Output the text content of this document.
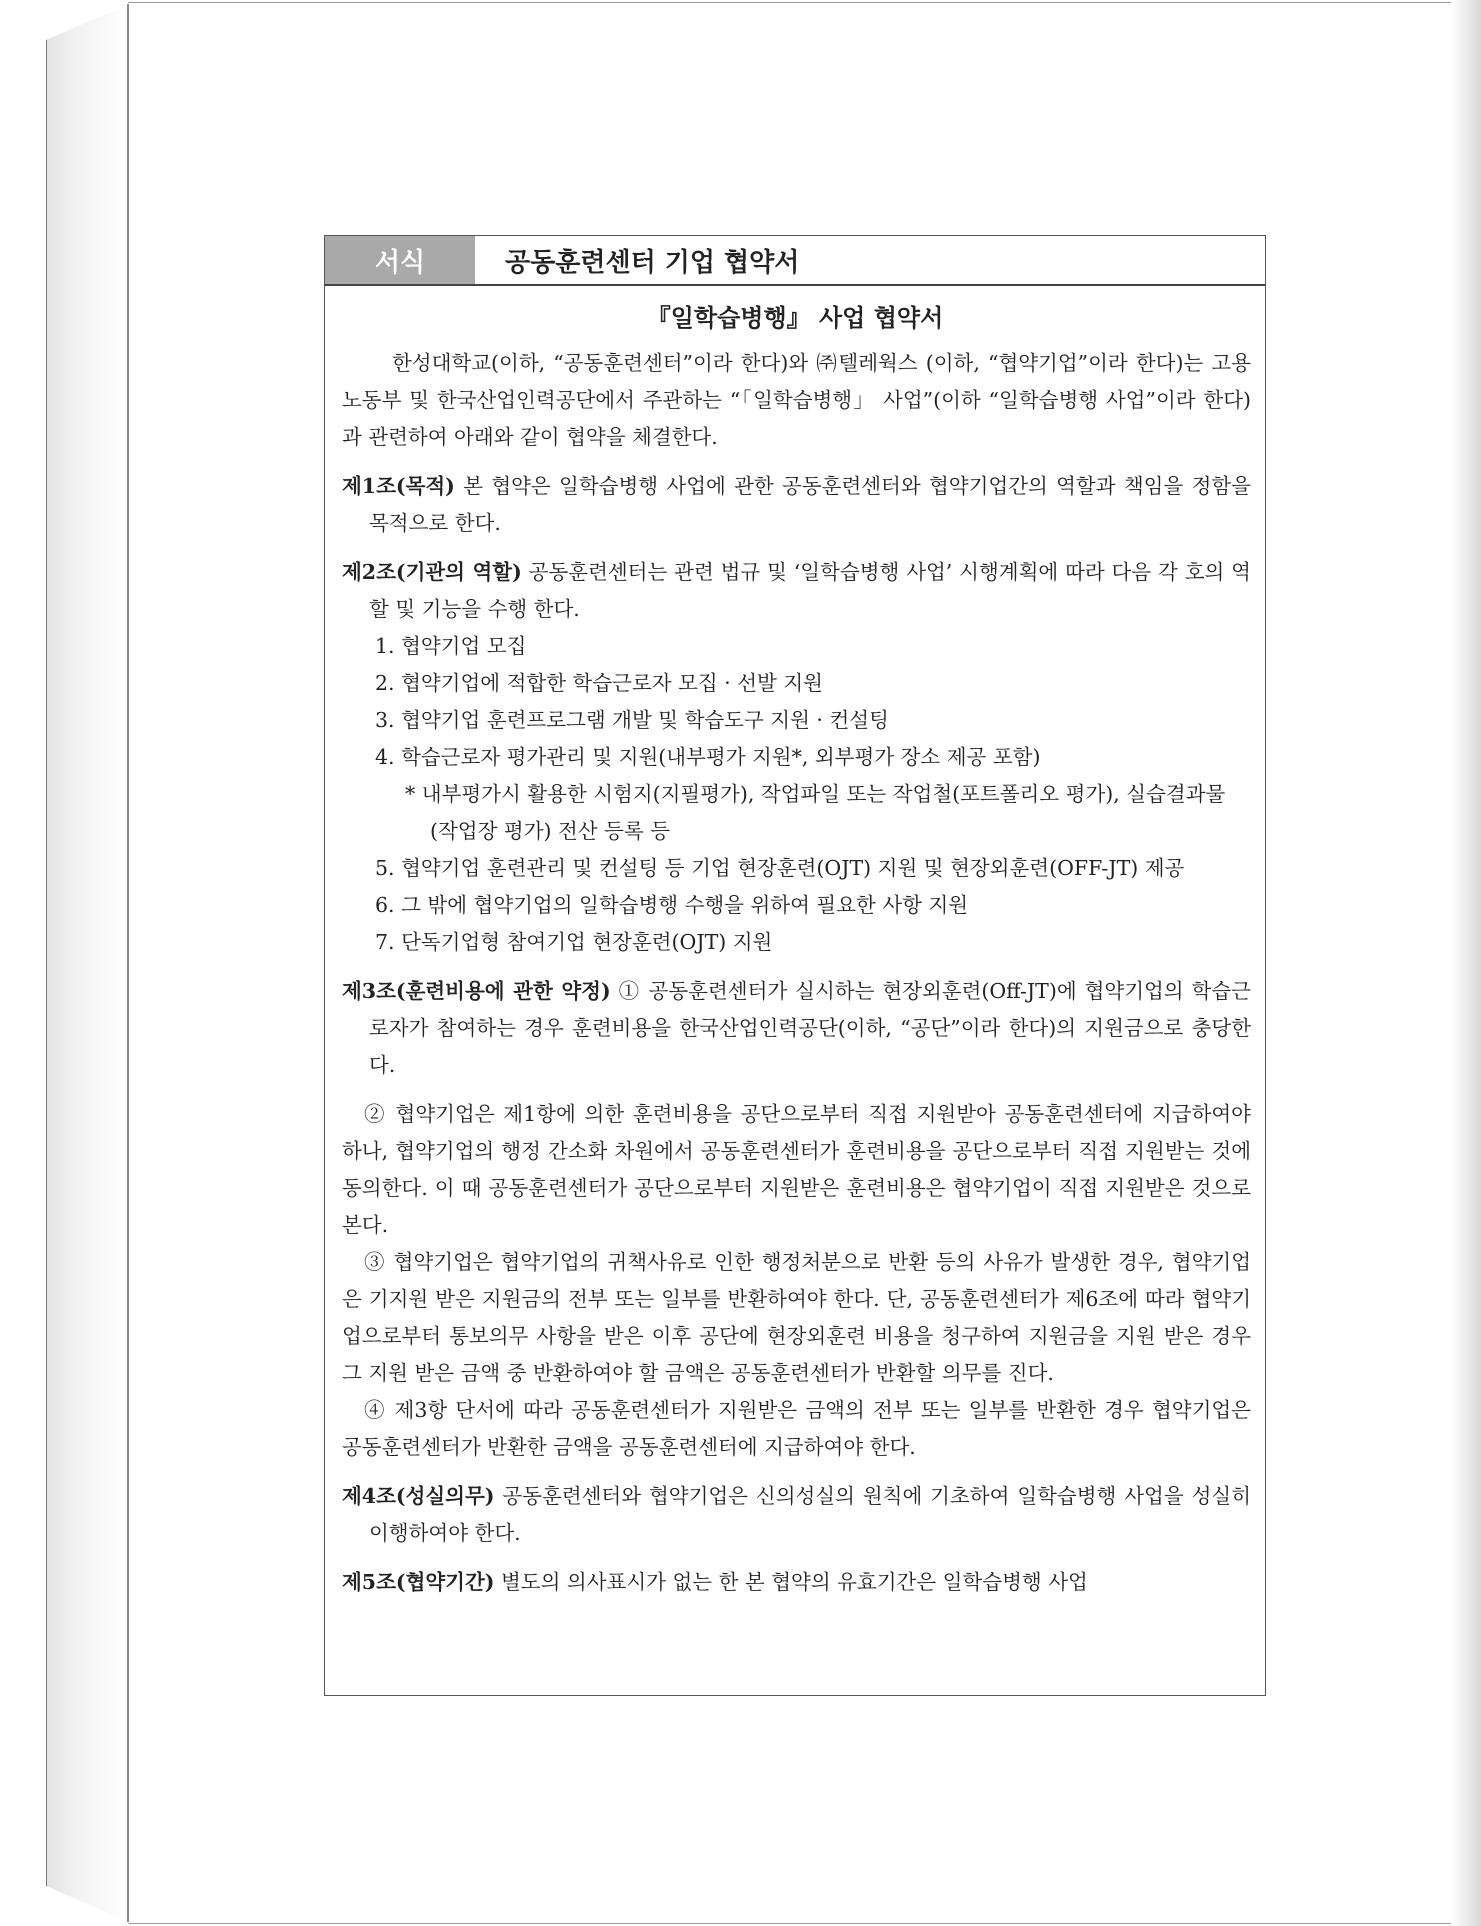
서식	공동훈련센터 기업 협약서
『일학습병행』 사업 협약서

한성대학교(이하, “공동훈련센터”이라 한다)와 ㈜텔레웍스 (이하, “협약기업”이라 한다)는 고용노동부 및 한국산업인력공단에서 주관하는 “「일학습병행」 사업”(이하 “일학습병행 사업”이라 한다)과 관련하여 아래와 같이 협약을 체결한다.

제1조(목적) 본 협약은 일학습병행 사업에 관한 공동훈련센터와 협약기업간의 역할과 책임을 정함을 목적으로 한다.

제2조(기관의 역할) 공동훈련센터는 관련 법규 및 ‘일학습병행 사업’ 시행계획에 따라 다음 각 호의 역할 및 기능을 수행 한다.

1. 협약기업 모집
2. 협약기업에 적합한 학습근로자 모집 · 선발 지원
3. 협약기업 훈련프로그램 개발 및 학습도구 지원 · 컨설팅
4. 학습근로자 평가관리 및 지원(내부평가 지원*, 외부평가 장소 제공 포함)

* 내부평가시 활용한 시험지(지필평가), 작업파일 또는 작업철(포트폴리오 평가), 실습결과물(작업장 평가) 전산 등록 등

5. 협약기업 훈련관리 및 컨설팅 등 기업 현장훈련(OJT) 지원 및 현장외훈련(OFF-JT) 제공
6. 그 밖에 협약기업의 일학습병행 수행을 위하여 필요한 사항 지원
7. 단독기업형 참여기업 현장훈련(OJT) 지원

제3조(훈련비용에 관한 약정) ① 공동훈련센터가 실시하는 현장외훈련(Off-JT)에 협약기업의 학습근로자가 참여하는 경우 훈련비용을 한국산업인력공단(이하, “공단”이라 한다)의 지원금으로 충당한다.

② 협약기업은 제1항에 의한 훈련비용을 공단으로부터 직접 지원받아 공동훈련센터에 지급하여야 하나, 협약기업의 행정 간소화 차원에서 공동훈련센터가 훈련비용을 공단으로부터 직접 지원받는 것에 동의한다. 이 때 공동훈련센터가 공단으로부터 지원받은 훈련비용은 협약기업이 직접 지원받은 것으로 본다.

③ 협약기업은 협약기업의 귀책사유로 인한 행정처분으로 반환 등의 사유가 발생한 경우, 협약기업은 기지원 받은 지원금의 전부 또는 일부를 반환하여야 한다. 단, 공동훈련센터가 제6조에 따라 협약기업으로부터 통보의무 사항을 받은 이후 공단에 현장외훈련 비용을 청구하여 지원금을 지원 받은 경우 그 지원 받은 금액 중 반환하여야 할 금액은 공동훈련센터가 반환할 의무를 진다.

④ 제3항 단서에 따라 공동훈련센터가 지원받은 금액의 전부 또는 일부를 반환한 경우 협약기업은 공동훈련센터가 반환한 금액을 공동훈련센터에 지급하여야 한다.

제4조(성실의무) 공동훈련센터와 협약기업은 신의성실의 원칙에 기초하여 일학습병행 사업을 성실히 이행하여야 한다.

제5조(협약기간) 별도의 의사표시가 없는 한 본 협약의 유효기간은 일학습병행 사업
